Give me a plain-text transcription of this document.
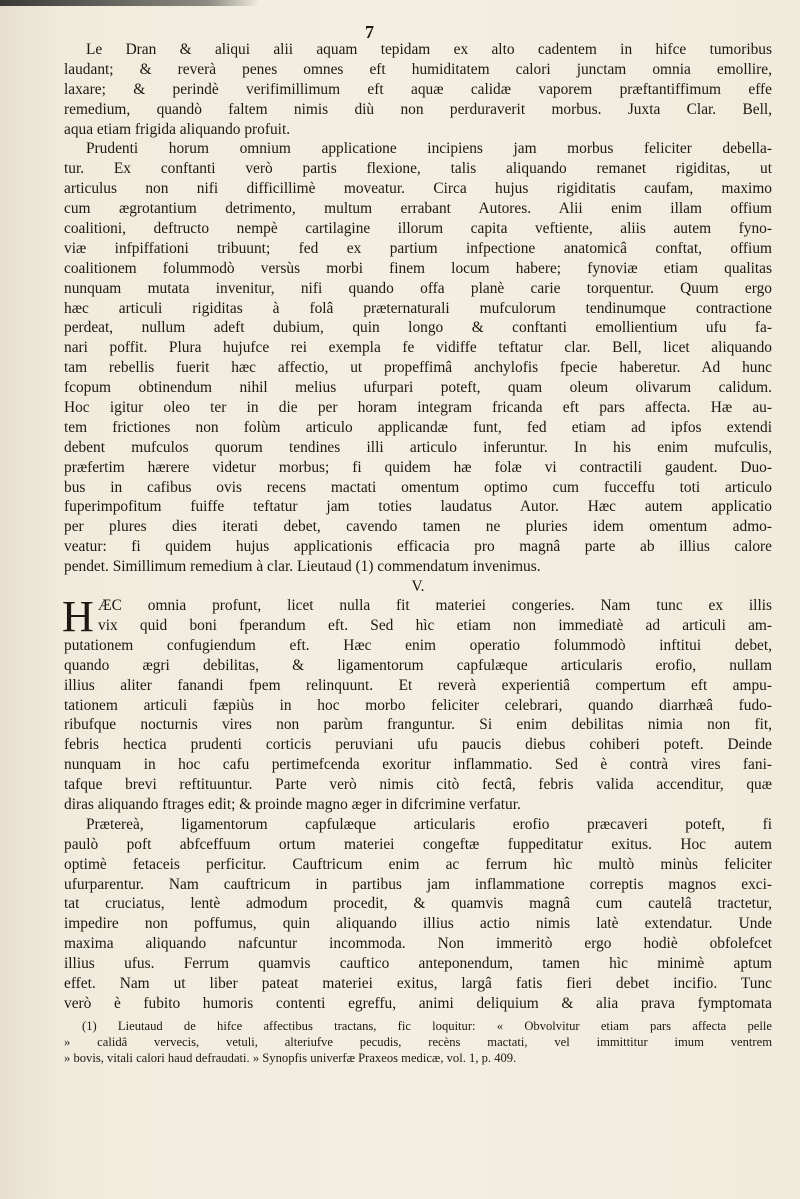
7
Le Dran & aliqui alii aquam tepidam ex alto cadentem in hifce tumoribus
laudant; & reverà penes omnes eft humiditatem calori junctam omnia emollire,
laxare; & perindè verifimillimum eft aquæ calidæ vaporem præftantiffimum effe
remedium, quandò faltem nimis diù non perduraverit morbus. Juxta Clar. Bell,
aqua etiam frigida aliquando profuit.
Prudenti horum omnium applicatione incipiens jam morbus feliciter debella-
tur. Ex conftanti verò partis flexione, talis aliquando remanet rigiditas, ut
articulus non nifi difficillimè moveatur. Circa hujus rigiditatis caufam, maximo
cum ægrotantium detrimento, multum errabant Autores. Alii enim illam offium
coalitioni, deftructo nempè cartilagine illorum capita veftiente, aliis autem fyno-
viæ infpiffationi tribuunt; fed ex partium infpectione anatomicâ conftat, offium
coalitionem folummodò versùs morbi finem locum habere; fynoviæ etiam qualitas
nunquam mutata invenitur, nifi quando offa planè carie torquentur. Quum ergo
hæc articuli rigiditas à folâ præternaturali mufculorum tendinumque contractione
perdeat, nullum adeft dubium, quin longo & conftanti emollientium ufu fa-
nari poffit. Plura hujufce rei exempla fe vidiffe teftatur clar. Bell, licet aliquando
tam rebellis fuerit hæc affectio, ut propeffimâ anchylofis fpecie haberetur. Ad hunc
fcopum obtinendum nihil melius ufurpari poteft, quam oleum olivarum calidum.
Hoc igitur oleo ter in die per horam integram fricanda eft pars affecta. Hæ au-
tem frictiones non folùm articulo applicandæ funt, fed etiam ad ipfos extendi
debent mufculos quorum tendines illi articulo inferuntur. In his enim mufculis,
præfertim hærere videtur morbus; fi quidem hæ folæ vi contractili gaudent. Duo-
bus in cafibus ovis recens mactati omentum optimo cum fucceffu toti articulo
fuperimpofitum fuiffe teftatur jam toties laudatus Autor. Hæc autem applicatio
per plures dies iterati debet, cavendo tamen ne pluries idem omentum admo-
veatur: fi quidem hujus applicationis efficacia pro magnâ parte ab illius calore
pendet. Simillimum remedium à clar. Lieutaud (1) commendatum invenimus.
V.
H ÆC omnia profunt, licet nulla fit materiei congeries. Nam tunc ex illis
vix quid boni fperandum eft. Sed hìc etiam non immediatè ad articuli am-
putationem confugiendum eft. Hæc enim operatio folummodò inftitui debet,
quando ægri debilitas, & ligamentorum capfulæque articularis erofio, nullam
illius aliter fanandi fpem relinquunt. Et reverà experientiâ compertum eft ampu-
tationem articuli fæpiùs in hoc morbo feliciter celebrari, quando diarrhæâ fudo-
ribufque nocturnis vires non parùm franguntur. Si enim debilitas nimia non fit,
febris hectica prudenti corticis peruviani ufu paucis diebus cohiberi poteft. Deinde
nunquam in hoc cafu pertimefcenda exoritur inflammatio. Sed è contrà vires fani-
tafque brevi reftituuntur. Parte verò nimis citò fectâ, febris valida accenditur, quæ
diras aliquando ftrages edit; & proinde magno æger in difcrimine verfatur.
Prætereà, ligamentorum capfulæque articularis erofio præcaveri poteft, fi
paulò poft abfceffuum ortum materiei congeftæ fuppeditatur exitus. Hoc autem
optimè fetaceis perficitur. Cauftricum enim ac ferrum hìc multò minùs feliciter
ufurparentur. Nam cauftricum in partibus jam inflammatione correptis magnos exci-
tat cruciatus, lentè admodum procedit, & quamvis magnâ cum cautelâ tractetur,
impedire non poffumus, quin aliquando illius actio nimis latè extendatur. Unde
maxima aliquando nafcuntur incommoda. Non immeritò ergo hodiè obfolefcet
illius ufus. Ferrum quamvis cauftico anteponendum, tamen hìc minimè aptum
effet. Nam ut liber pateat materiei exitus, largâ fatis fieri debet incifio. Tunc
verò è fubito humoris contenti egreffu, animi deliquium & alia prava fymptomata
(1) Lieutaud de hifce affectibus tractans, fic loquitur: « Obvolvitur etiam pars affecta pelle
» calidâ vervecis, vetuli, alteriufve pecudis, recèns mactati, vel immittitur imum ventrem
» bovis, vitali calori haud defraudati. » Synopfis univerfæ Praxeos medicæ, vol. 1, p. 409.
